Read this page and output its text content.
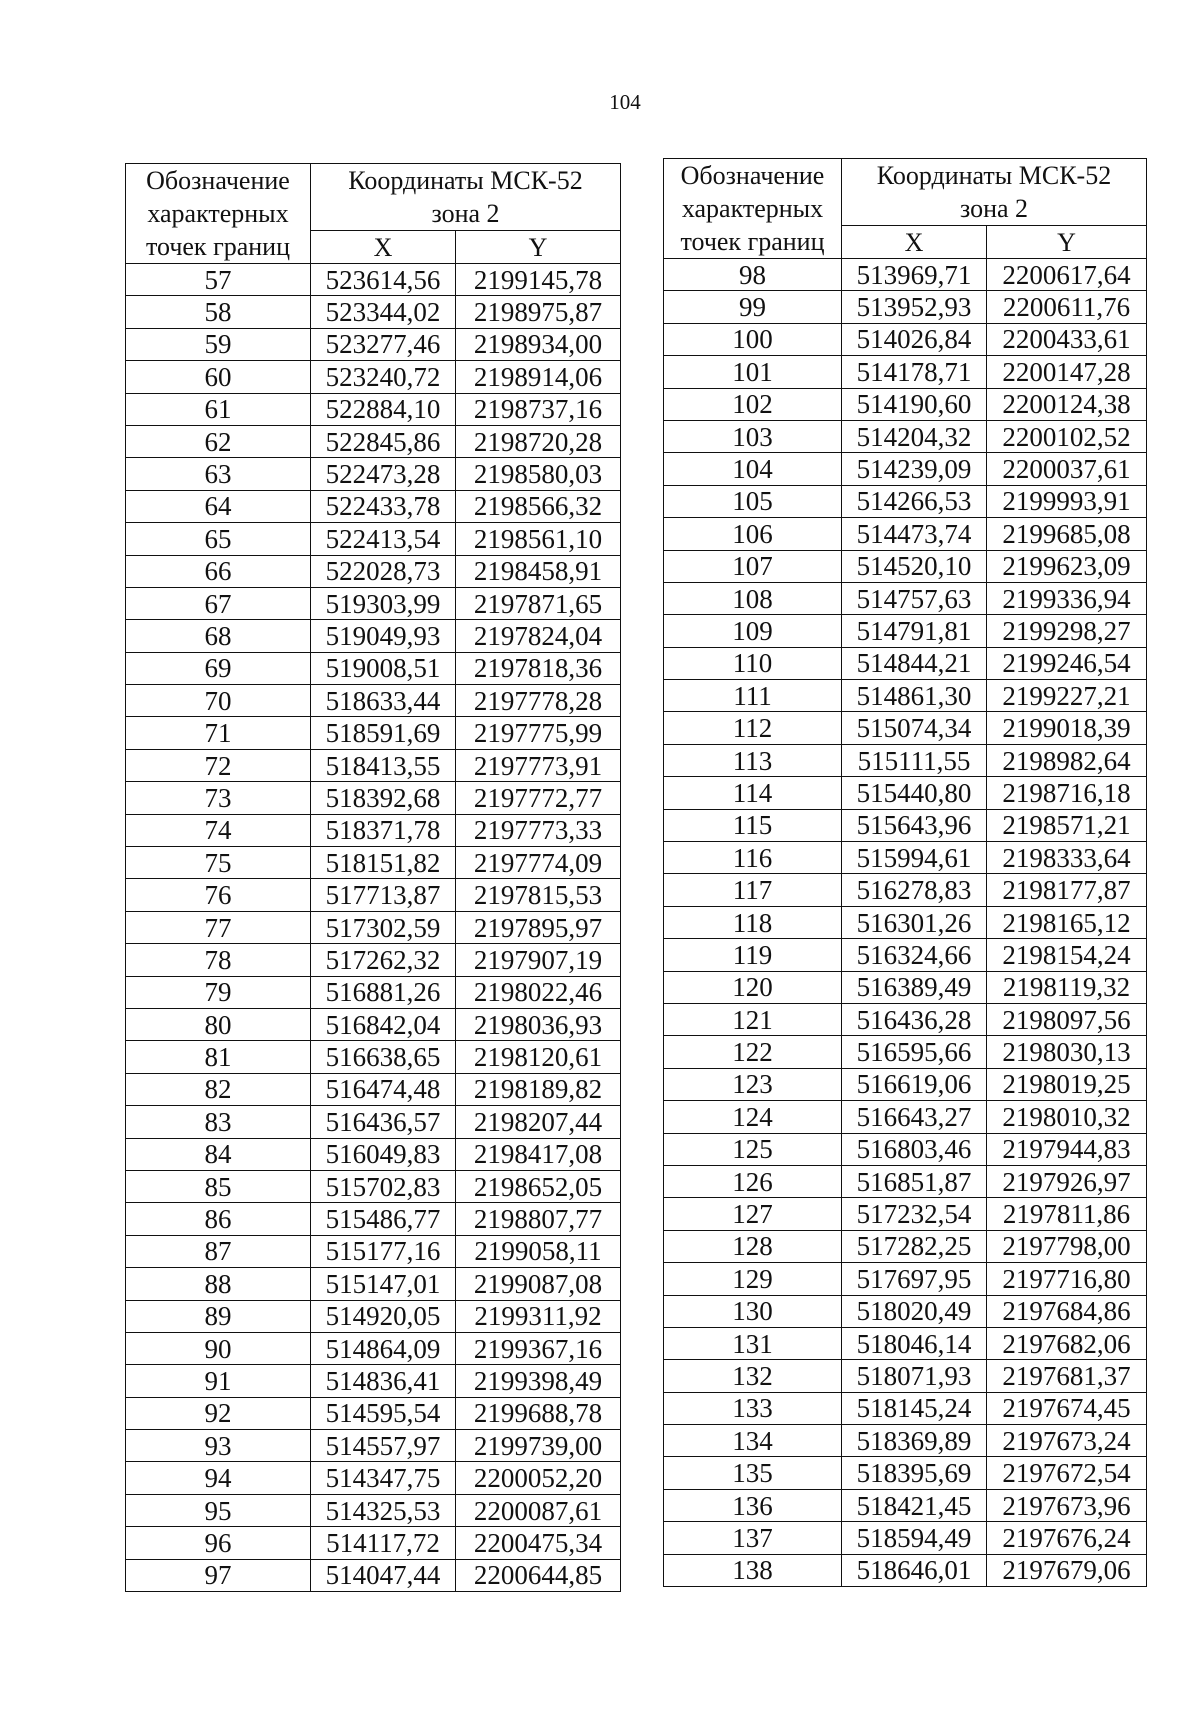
104
Обозначение
характерных
точек границ	Координаты МСК-52
зона 2	

	X	Y
57	523614,56	2199145,78
58	523344,02	2198975,87
59	523277,46	2198934,00
60	523240,72	2198914,06
61	522884,10	2198737,16
62	522845,86	2198720,28
63	522473,28	2198580,03
64	522433,78	2198566,32
65	522413,54	2198561,10
66	522028,73	2198458,91
67	519303,99	2197871,65
68	519049,93	2197824,04
69	519008,51	2197818,36
70	518633,44	2197778,28
71	518591,69	2197775,99
72	518413,55	2197773,91
73	518392,68	2197772,77
74	518371,78	2197773,33
75	518151,82	2197774,09
76	517713,87	2197815,53
77	517302,59	2197895,97
78	517262,32	2197907,19
79	516881,26	2198022,46
80	516842,04	2198036,93
81	516638,65	2198120,61
82	516474,48	2198189,82
83	516436,57	2198207,44
84	516049,83	2198417,08
85	515702,83	2198652,05
86	515486,77	2198807,77
87	515177,16	2199058,11
88	515147,01	2199087,08
89	514920,05	2199311,92
90	514864,09	2199367,16
91	514836,41	2199398,49
92	514595,54	2199688,78
93	514557,97	2199739,00
94	514347,75	2200052,20
95	514325,53	2200087,61
96	514117,72	2200475,34
97	514047,44	2200644,85
Обозначение
характерных
точек границ	Координаты МСК-52
зона 2	

	X	Y
98	513969,71	2200617,64
99	513952,93	2200611,76
100	514026,84	2200433,61
101	514178,71	2200147,28
102	514190,60	2200124,38
103	514204,32	2200102,52
104	514239,09	2200037,61
105	514266,53	2199993,91
106	514473,74	2199685,08
107	514520,10	2199623,09
108	514757,63	2199336,94
109	514791,81	2199298,27
110	514844,21	2199246,54
111	514861,30	2199227,21
112	515074,34	2199018,39
113	515111,55	2198982,64
114	515440,80	2198716,18
115	515643,96	2198571,21
116	515994,61	2198333,64
117	516278,83	2198177,87
118	516301,26	2198165,12
119	516324,66	2198154,24
120	516389,49	2198119,32
121	516436,28	2198097,56
122	516595,66	2198030,13
123	516619,06	2198019,25
124	516643,27	2198010,32
125	516803,46	2197944,83
126	516851,87	2197926,97
127	517232,54	2197811,86
128	517282,25	2197798,00
129	517697,95	2197716,80
130	518020,49	2197684,86
131	518046,14	2197682,06
132	518071,93	2197681,37
133	518145,24	2197674,45
134	518369,89	2197673,24
135	518395,69	2197672,54
136	518421,45	2197673,96
137	518594,49	2197676,24
138	518646,01	2197679,06
